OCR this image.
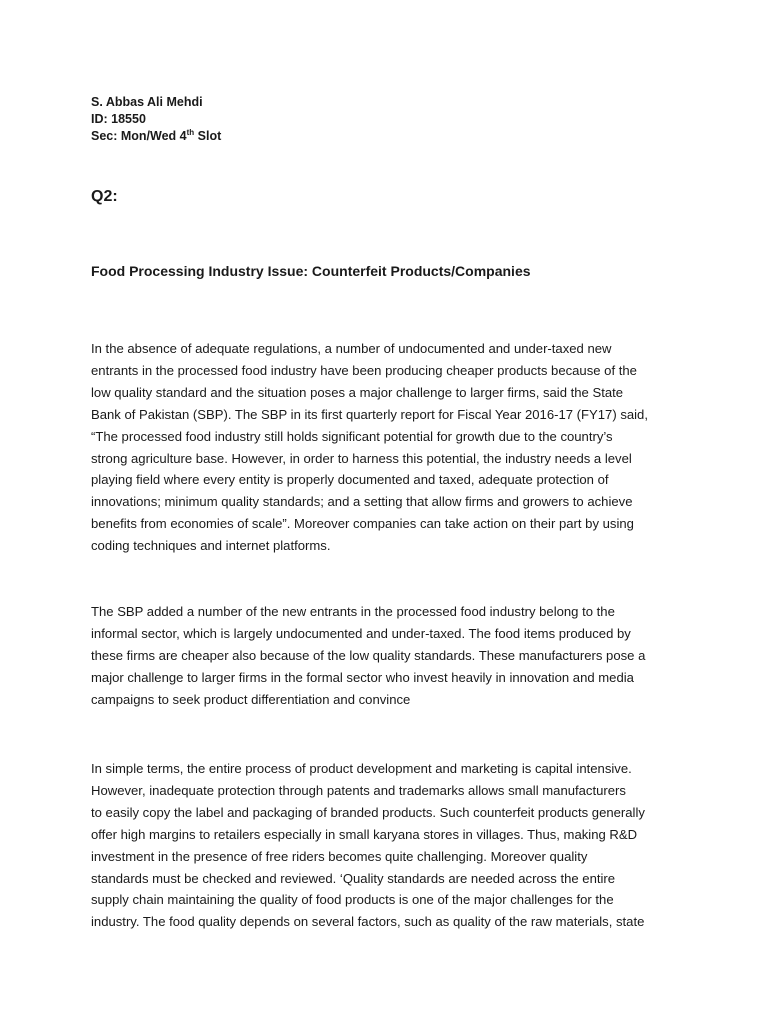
S. Abbas Ali Mehdi
ID: 18550
Sec: Mon/Wed 4th Slot
Q2:
Food Processing Industry Issue: Counterfeit Products/Companies

In the absence of adequate regulations, a number of undocumented and under-taxed new
entrants in the processed food industry have been producing cheaper products because of the
low quality standard and the situation poses a major challenge to larger firms, said the State
Bank of Pakistan (SBP). The SBP in its first quarterly report for Fiscal Year 2016-17 (FY17) said,
“The processed food industry still holds significant potential for growth due to the country’s
strong agriculture base. However, in order to harness this potential, the industry needs a level
playing field where every entity is properly documented and taxed, adequate protection of
innovations; minimum quality standards; and a setting that allow firms and growers to achieve
benefits from economies of scale”. Moreover companies can take action on their part by using
coding techniques and internet platforms.

The SBP added a number of the new entrants in the processed food industry belong to the
informal sector, which is largely undocumented and under-taxed. The food items produced by
these firms are cheaper also because of the low quality standards. These manufacturers pose a
major challenge to larger firms in the formal sector who invest heavily in innovation and media
campaigns to seek product differentiation and convince

In simple terms, the entire process of product development and marketing is capital intensive.
However, inadequate protection through patents and trademarks allows small manufacturers
to easily copy the label and packaging of branded products. Such counterfeit products generally
offer high margins to retailers especially in small karyana stores in villages. Thus, making R&D
investment in the presence of free riders becomes quite challenging. Moreover quality
standards must be checked and reviewed. ‘Quality standards are needed across the entire
supply chain maintaining the quality of food products is one of the major challenges for the
industry. The food quality depends on several factors, such as quality of the raw materials, state
